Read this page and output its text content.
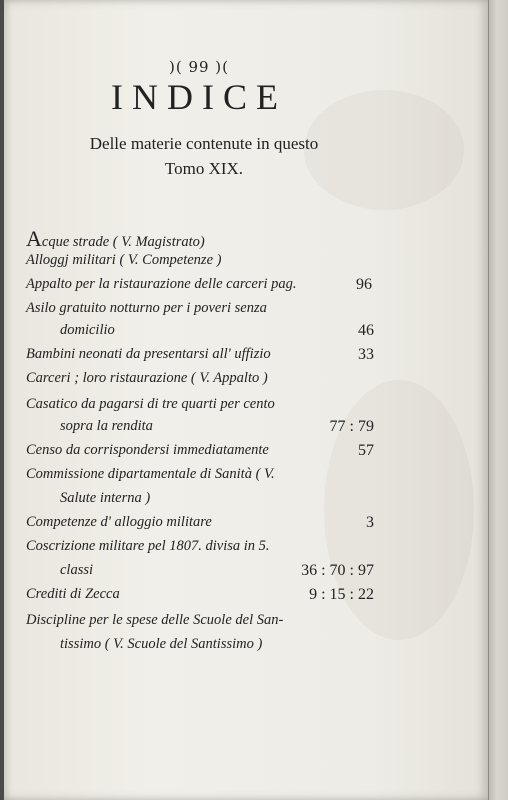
)( 99 )(
INDICE
Delle materie contenute in questo
Tomo XIX.
Acque strade ( V. Magistrato)
Alloggj militari ( V. Competenze )
Appalto per la ristaurazione delle carceri pag.	96
Asilo gratuito notturno per i poveri senza
domicilio	46
Bambini neonati da presentarsi all' uffizio	33
Carceri ; loro ristaurazione ( V. Appalto )
Casatico da pagarsi di tre quarti per cento
sopra la rendita	77 : 79
Censo da corrispondersi immediatamente	57
Commissione dipartamentale di Sanità ( V.
Salute interna )
Competenze d' alloggio militare	3
Coscrizione militare pel 1807. divisa in 5.
classi	36 : 70 : 97
Crediti di Zecca	9 : 15 : 22
Discipline per le spese delle Scuole del San-
tissimo ( V. Scuole del Santissimo )
